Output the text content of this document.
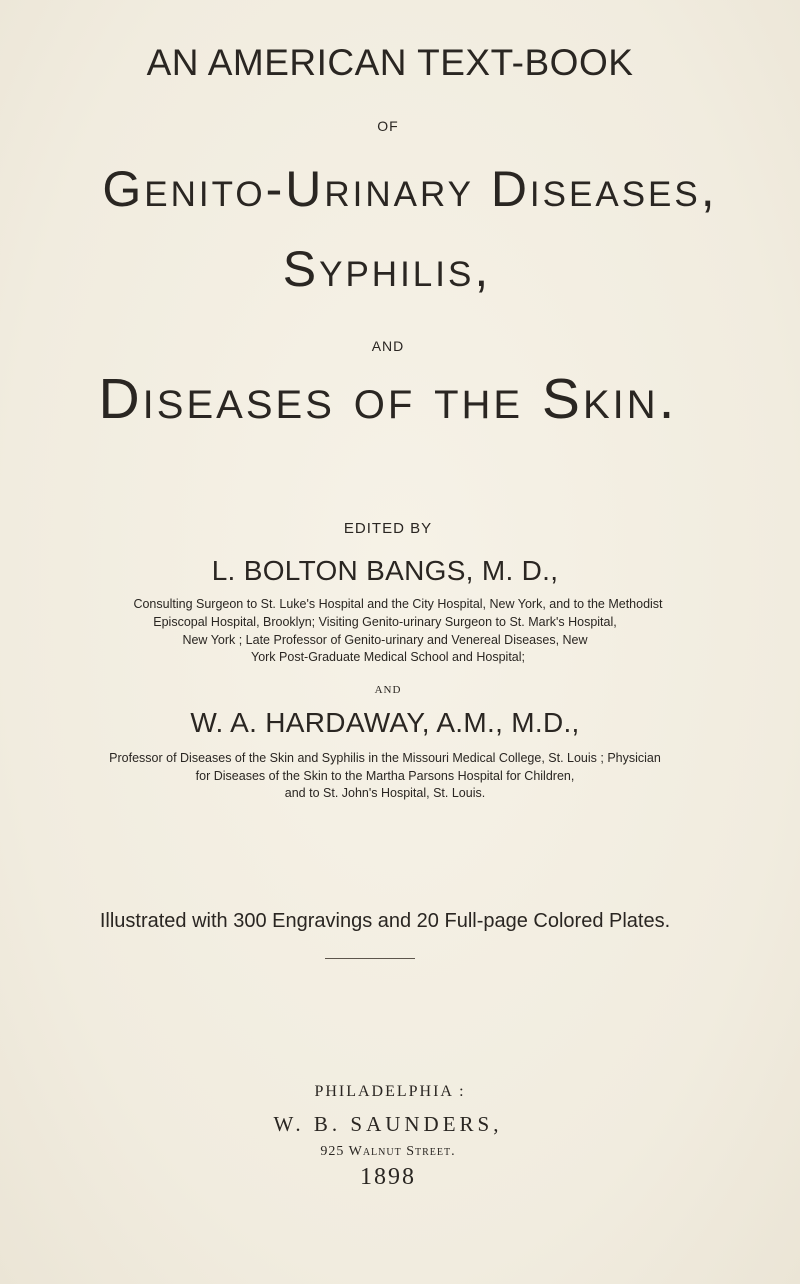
AN AMERICAN TEXT-BOOK
OF
Genito-Urinary Diseases,
Syphilis,
AND
Diseases of the Skin.
EDITED BY
L. BOLTON BANGS, M. D.,
Consulting Surgeon to St. Luke's Hospital and the City Hospital, New York, and to the Methodist
Episcopal Hospital, Brooklyn; Visiting Genito-urinary Surgeon to St. Mark's Hospital,
New York ; Late Professor of Genito-urinary and Venereal Diseases, New
York Post-Graduate Medical School and Hospital;
AND
W. A. HARDAWAY, A.M., M.D.,
Professor of Diseases of the Skin and Syphilis in the Missouri Medical College, St. Louis ; Physician
for Diseases of the Skin to the Martha Parsons Hospital for Children,
and to St. John's Hospital, St. Louis.
Illustrated with 300 Engravings and 20 Full-page Colored Plates.
PHILADELPHIA :
W. B. SAUNDERS,
925 Walnut Street.
1898
